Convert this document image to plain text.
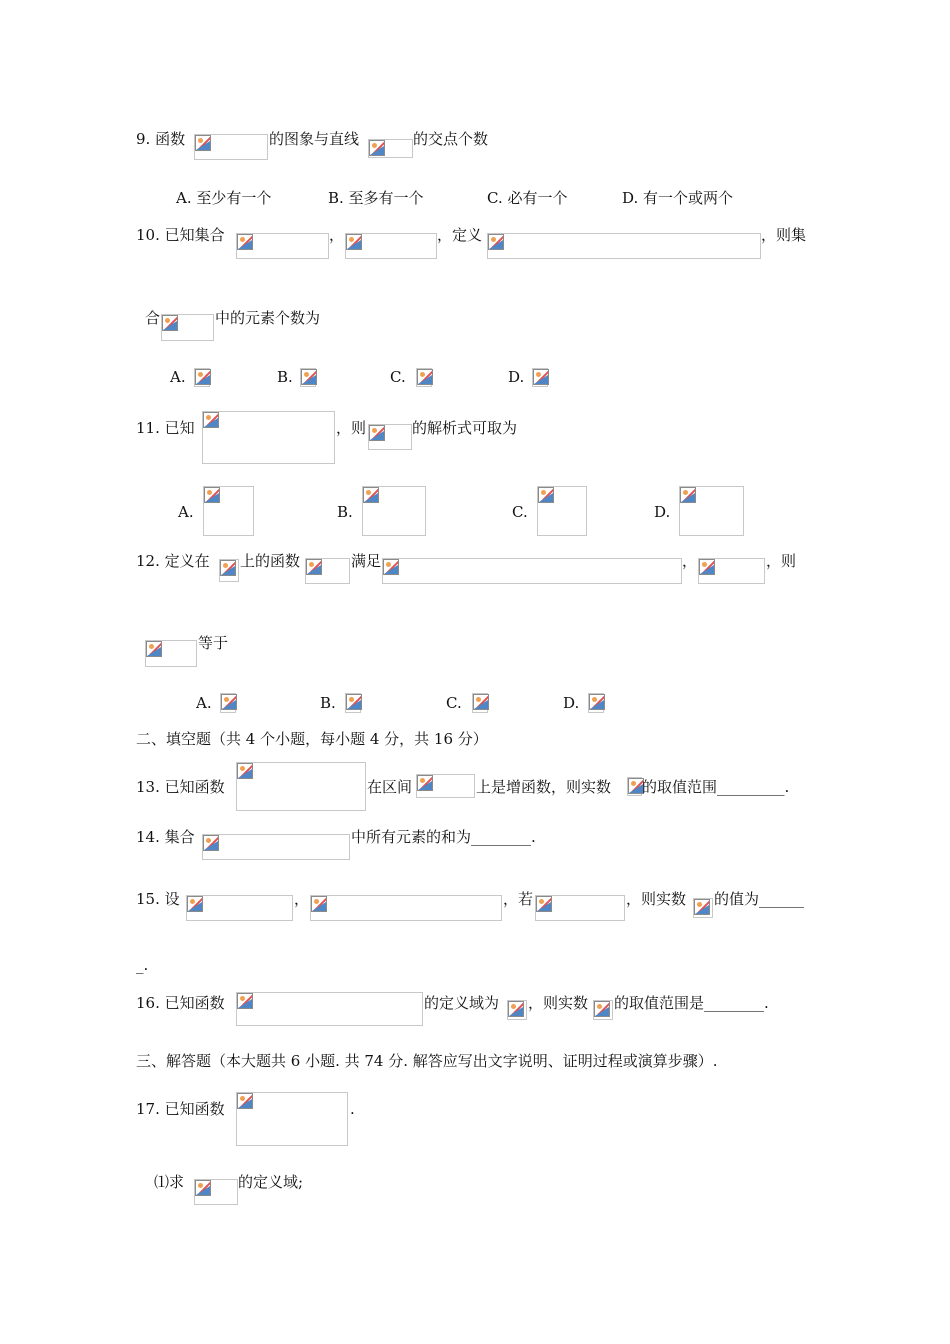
9. 函数	的图象与直线	的交点个数
A. 至少有一个	B. 至多有一个	C. 必有一个	D. 有一个或两个
10. 已知集合	，	，定义	，则集
合	中的元素个数为
A.	B.	C.	D.
11. 已知	，则	的解析式可取为
A.	B.	C.	D.
12. 定义在 上的函数	满足	，	，则
等于
A.	B.	C.	D.
二、填空题（共 4 个小题，每小题 4 分，共 16 分）
13. 已知函数	在区间	上是增函数，则实数 的取值范围_________.
14. 集合	中所有元素的和为________.
15. 设	，	，若	，则实数 的值为______
_.
16. 已知函数	的定义域为 ，则实数 的取值范围是________.
三、解答题（本大题共 6 小题. 共 74 分. 解答应写出文字说明、证明过程或演算步骤）.
17. 已知函数	.
⑴求	的定义域;
